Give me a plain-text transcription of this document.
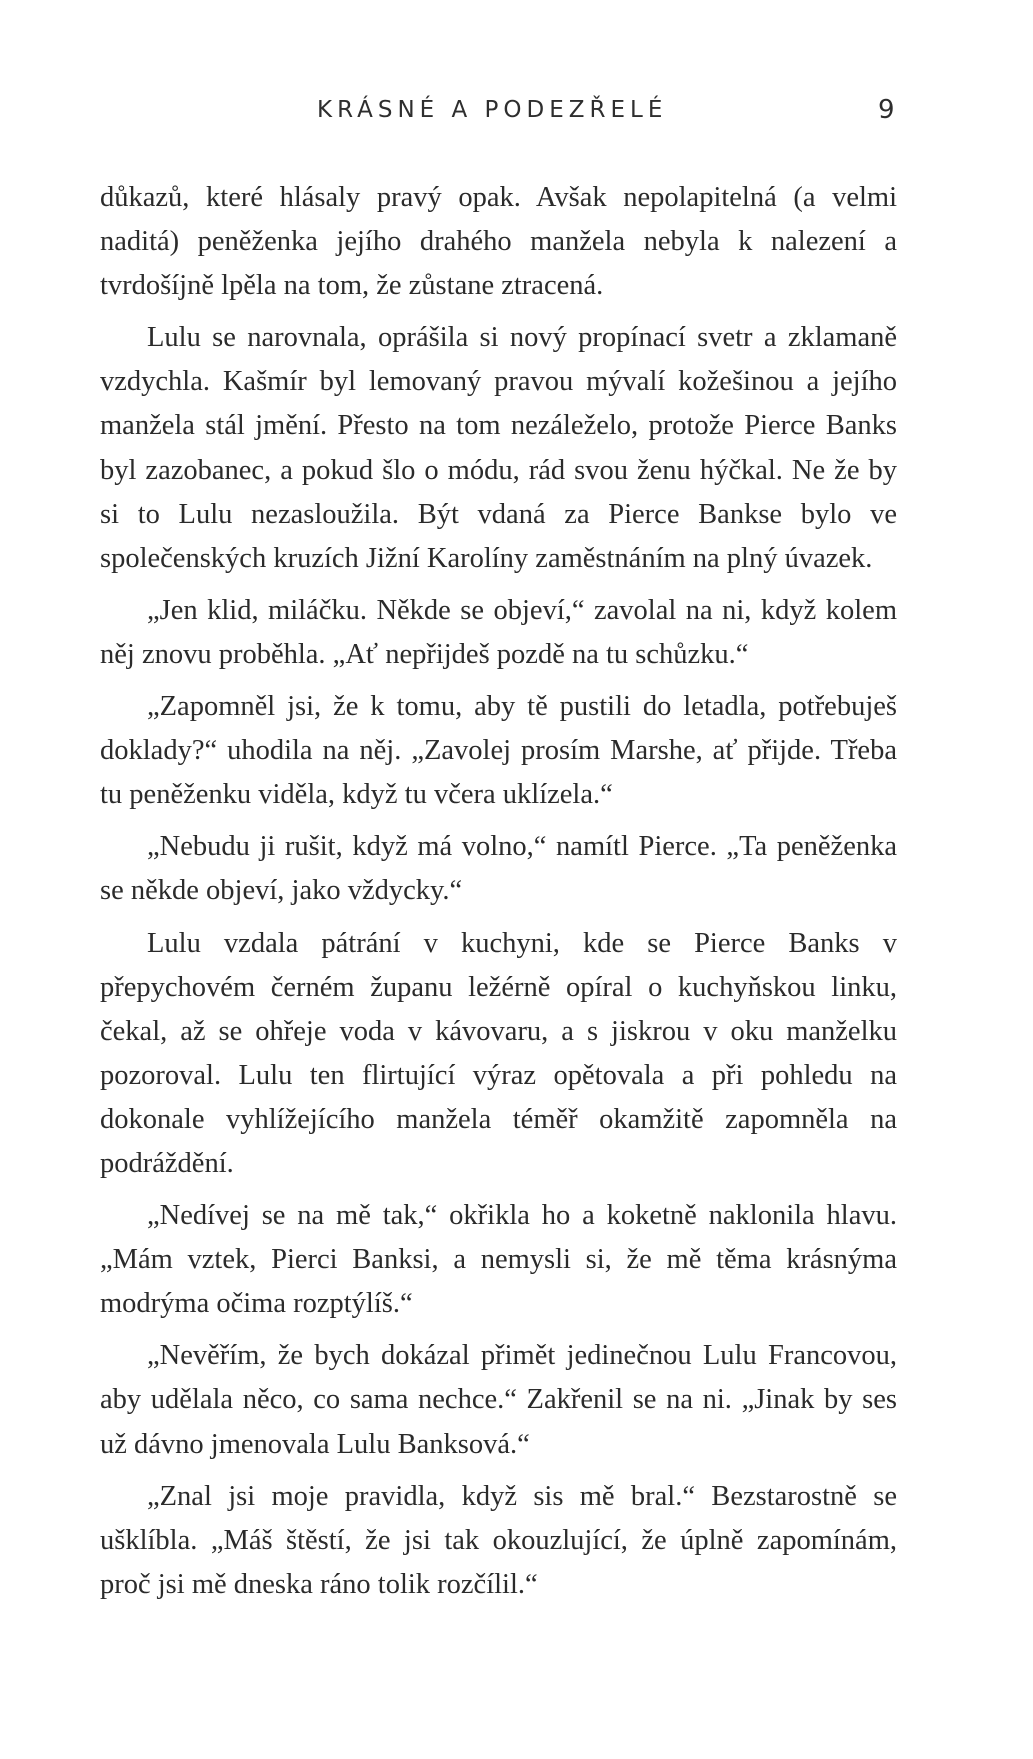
KRÁSNÉ A PODEZŘELÉ	9

důkazů, které hlásaly pravý opak. Avšak nepolapitelná (a velmi naditá) peněženka jejího drahého manžela nebyla k nalezení a tvrdošíjně lpěla na tom, že zůstane ztracená.

Lulu se narovnala, oprášila si nový propínací svetr a zklamaně vzdychla. Kašmír byl lemovaný pravou mývalí kožešinou a jejího manžela stál jmění. Přesto na tom nezáleželo, protože Pierce Banks byl zazobanec, a pokud šlo o módu, rád svou ženu hýčkal. Ne že by si to Lulu nezasloužila. Být vdaná za Pierce Bankse bylo ve společenských kruzích Jižní Karolíny zaměstnáním na plný úvazek.

„Jen klid, miláčku. Někde se objeví,“ zavolal na ni, když kolem něj znovu proběhla. „Ať nepřijdeš pozdě na tu schůzku.“

„Zapomněl jsi, že k tomu, aby tě pustili do letadla, potřebuješ doklady?“ uhodila na něj. „Zavolej prosím Marshe, ať přijde. Třeba tu peněženku viděla, když tu včera uklízela.“

„Nebudu ji rušit, když má volno,“ namítl Pierce. „Ta peněženka se někde objeví, jako vždycky.“

Lulu vzdala pátrání v kuchyni, kde se Pierce Banks v přepychovém černém županu ležérně opíral o kuchyňskou linku, čekal, až se ohřeje voda v kávovaru, a s jiskrou v oku manželku pozoroval. Lulu ten flirtující výraz opětovala a při pohledu na dokonale vyhlížejícího manžela téměř okamžitě zapomněla na podráždění.

„Nedívej se na mě tak,“ okřikla ho a koketně naklonila hlavu. „Mám vztek, Pierci Banksi, a nemysli si, že mě těma krásnýma modrýma očima rozptýlíš.“

„Nevěřím, že bych dokázal přimět jedinečnou Lulu Francovou, aby udělala něco, co sama nechce.“ Zakřenil se na ni. „Jinak by ses už dávno jmenovala Lulu Banksová.“

„Znal jsi moje pravidla, když sis mě bral.“ Bezstarostně se ušklíbla. „Máš štěstí, že jsi tak okouzlující, že úplně zapomínám, proč jsi mě dneska ráno tolik rozčílil.“
